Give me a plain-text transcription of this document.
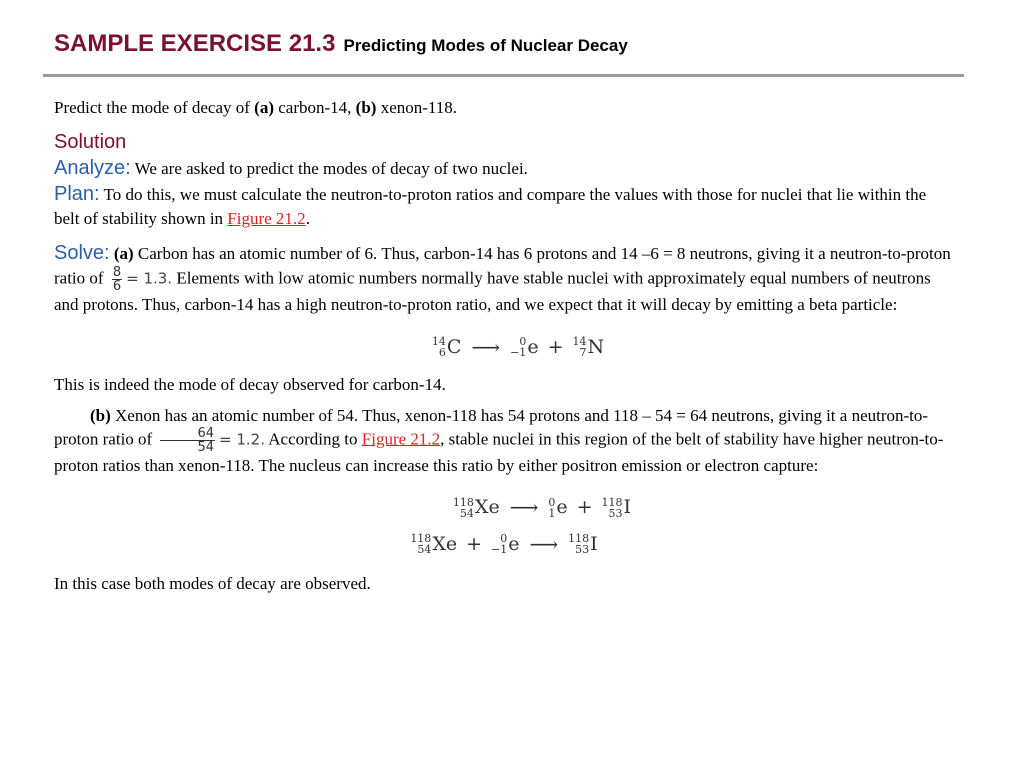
SAMPLE EXERCISE 21.3 Predicting Modes of Nuclear Decay

Predict the mode of decay of (a) carbon-14, (b) xenon-118.

Solution

Analyze: We are asked to predict the modes of decay of two nuclei.

Plan: To do this, we must calculate the neutron-to-proton ratios and compare the values with those for nuclei that lie within the belt of stability shown in Figure 21.2.

Solve: (a) Carbon has an atomic number of 6. Thus, carbon-14 has 6 protons and 14 –6 = 8 neutrons, giving it a neutron-to-proton ratio of $\frac{8}{6} = 1.3$. Elements with low atomic numbers normally have stable nuclei with approximately equal numbers of neutrons and protons. Thus, carbon-14 has a high neutron-to-proton ratio, and we expect that it will decay by emitting a beta particle:

14
6 C ⟶ 0
−1 e + 14
7 N

This is indeed the mode of decay observed for carbon-14.

(b) Xenon has an atomic number of 54. Thus, xenon-118 has 54 protons and 118 – 54 = 64 neutrons, giving it a neutron-to-proton ratio of $\frac{64}{54} = 1.2$. According to Figure 21.2, stable nuclei in this region of the belt of stability have higher neutron-to-proton ratios than xenon-118. The nucleus can increase this ratio by either positron emission or electron capture:

118
54 Xe ⟶ 0
1 e + 118
53 I
118
54 Xe + 0
−1 e ⟶ 118
53 I

In this case both modes of decay are observed.
